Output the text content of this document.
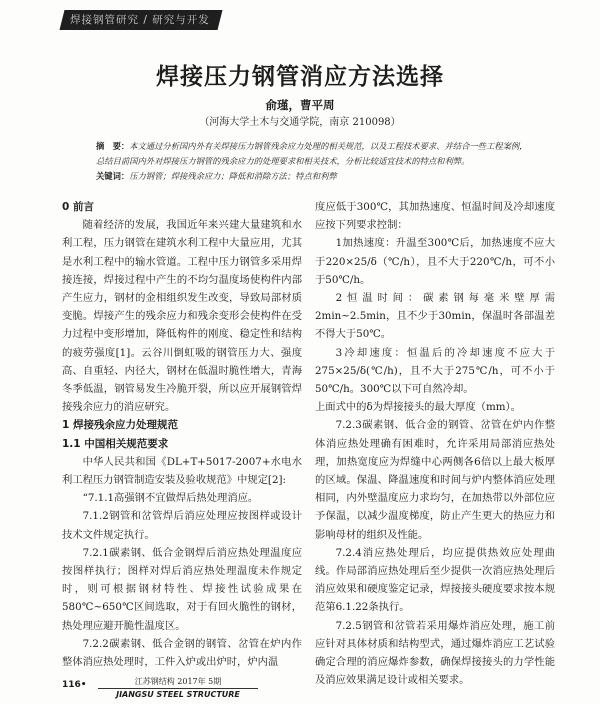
焊接钢管研究 / 研究与开发
焊接压力钢管消应方法选择
俞瑾，曹平周
（河海大学土木与交通学院，南京 210098）
摘　要：本文通过分析国内外有关焊接压力钢管残余应力处理的相关规范，以及工程技术要求、并结合一些工程案例，总结目前国内外对焊接压力钢管的残余应力的处理要求和相关技术，分析比较适宜技术的特点和利弊。
关键词：压力钢管；焊接残余应力；降低和消除方法；特点和利弊
0 前言

随着经济的发展，我国近年来兴建大量建筑和水利工程，压力钢管在建筑水利工程中大量应用，尤其是水利工程中的输水管道。工程中压力钢管多采用焊接连接，焊接过程中产生的不均匀温度场使构件内部产生应力，钢材的金相组织发生改变，导致局部材质变脆。焊接产生的残余应力和残余变形会使构件在受力过程中变形增加，降低构件的刚度、稳定性和结构的疲劳强度[1]。云谷川倒虹吸的钢管压力大、强度高、自重轻、内径大，钢材在低温时脆性增大，青海冬季低温，钢管易发生冷脆开裂，所以应开展钢管焊接残余应力的消应研究。

1 焊接残余应力处理规范
1.1 中国相关规范要求

中华人民共和国《DL+T+5017-2007+水电水利工程压力钢管制造安装及验收规范》中规定[2]:

“7.1.1高强钢不宜做焊后热处理消应。

7.1.2钢管和岔管焊后消应处理应按图样或设计技术文件规定执行。

7.2.1碳素钢、低合金钢焊后消应热处理温度应按图样执行；图样对焊后消应热处理温度未作规定时，则可根据钢材特性、焊接性试验成果在580℃~650℃区间选取，对于有回火脆性的钢材，热处理应避开脆性温度区。

7.2.2碳素钢、低合金钢的钢管、岔管在炉内作整体消应热处理时，工件入炉或出炉时，炉内温

度应低于300℃，其加热速度、恒温时间及冷却速度应按下列要求控制：

1加热速度：升温至300℃后，加热速度不应大于220×25/δ（℃/h），且不大于220℃/h，可不小于50℃/h。

2恒温时间：碳素钢每毫米壁厚需2min~2.5min，且不少于30min，保温时各部温差不得大于50℃。

3冷却速度：恒温后的冷却速度不应大于275×25/δ(℃/h)，且不大于275℃/h，可不小于50℃/h。300℃以下可自然冷却。

上面式中的δ为焊接接头的最大厚度（mm）。

7.2.3碳素钢、低合金的钢管、岔管在炉内作整体消应热处理确有困难时，允许采用局部消应热处理，加热宽度应为焊缝中心两侧各6倍以上最大板厚的区域。保温、降温速度和时间与炉内整体消应处理相同，内外壁温度应力求均匀，在加热带以外部位应予保温，以减少温度梯度，防止产生更大的热应力和影响母材的组织及性能。

7.2.4消应热处理后，均应提供热效应处理曲线。作局部消应热处理后至少提供一次消应热处理后消应效果和硬度鉴定记录，焊接接头硬度要求按本规范第6.1.22条执行。

7.2.5钢管和岔管若采用爆炸消应处理，施工前应针对具体材质和结构型式，通过爆炸消应工艺试验确定合理的消应爆炸参数，确保焊接接头的力学性能及消应效果满足设计或相关要求。

116•	江苏钢结构 2017年 5期
JIANGSU STEEL STRUCTURE
